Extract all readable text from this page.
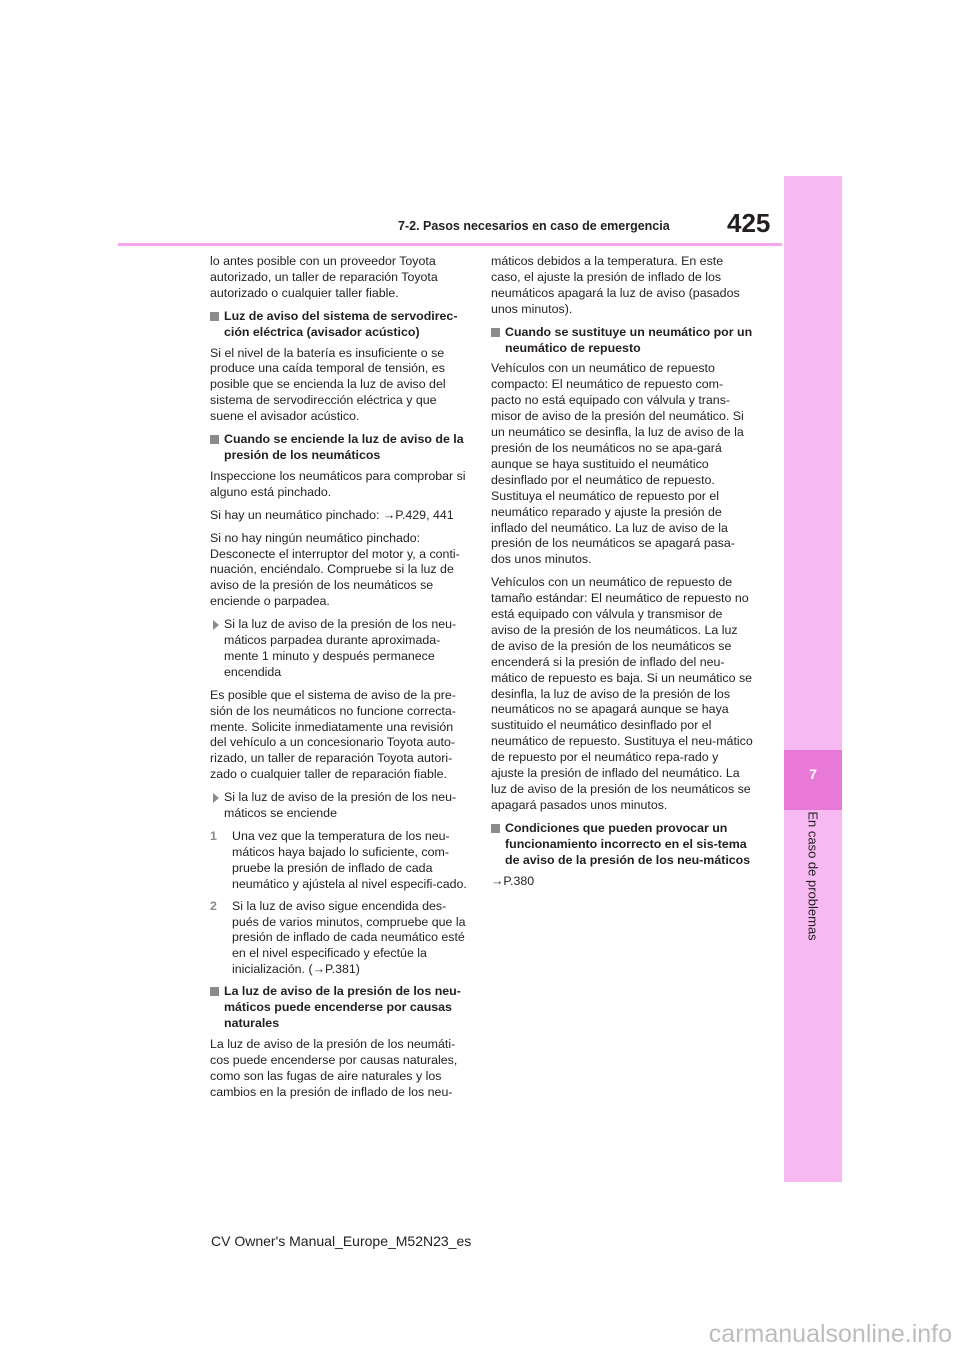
7
En caso de problemas
7-2. Pasos necesarios en caso de emergencia 425

lo antes posible con un proveedor Toyota autorizado, un taller de reparación Toyota autorizado o cualquier taller fiable.

Luz de aviso del sistema de servodirec-ción eléctrica (avisador acústico)

Si el nivel de la batería es insuficiente o se produce una caída temporal de tensión, es posible que se encienda la luz de aviso del sistema de servodirección eléctrica y que suene el avisador acústico.

Cuando se enciende la luz de aviso de la presión de los neumáticos

Inspeccione los neumáticos para comprobar si alguno está pinchado.

Si hay un neumático pinchado: →P.429, 441

Si no hay ningún neumático pinchado: Desconecte el interruptor del motor y, a conti-nuación, enciéndalo. Compruebe si la luz de aviso de la presión de los neumáticos se enciende o parpadea.

Si la luz de aviso de la presión de los neu-máticos parpadea durante aproximada-mente 1 minuto y después permanece encendida

Es posible que el sistema de aviso de la pre-sión de los neumáticos no funcione correcta-mente. Solicite inmediatamente una revisión del vehículo a un concesionario Toyota auto-rizado, un taller de reparación Toyota autori-zado o cualquier taller de reparación fiable.

Si la luz de aviso de la presión de los neu-máticos se enciende
1 Una vez que la temperatura de los neu-máticos haya bajado lo suficiente, com-pruebe la presión de inflado de cada neumático y ajústela al nivel especifi-cado.
2 Si la luz de aviso sigue encendida des-pués de varios minutos, compruebe que la presión de inflado de cada neumático esté en el nivel especificado y efectúe la inicialización. (→P.381)
La luz de aviso de la presión de los neu-máticos puede encenderse por causas naturales

La luz de aviso de la presión de los neumáti-cos puede encenderse por causas naturales, como son las fugas de aire naturales y los cambios en la presión de inflado de los neu-

máticos debidos a la temperatura. En este caso, el ajuste la presión de inflado de los neumáticos apagará la luz de aviso (pasados unos minutos).

Cuando se sustituye un neumático por un neumático de repuesto

Vehículos con un neumático de repuesto compacto: El neumático de repuesto com-pacto no está equipado con válvula y trans-misor de aviso de la presión del neumático. Si un neumático se desinfla, la luz de aviso de la presión de los neumáticos no se apa-gará aunque se haya sustituido el neumático desinflado por el neumático de repuesto. Sustituya el neumático de repuesto por el neumático reparado y ajuste la presión de inflado del neumático. La luz de aviso de la presión de los neumáticos se apagará pasa-dos unos minutos.

Vehículos con un neumático de repuesto de tamaño estándar: El neumático de repuesto no está equipado con válvula y transmisor de aviso de la presión de los neumáticos. La luz de aviso de la presión de los neumáticos se encenderá si la presión de inflado del neu-mático de repuesto es baja. Si un neumático se desinfla, la luz de aviso de la presión de los neumáticos no se apagará aunque se haya sustituido el neumático desinflado por el neumático de repuesto. Sustituya el neu-mático de repuesto por el neumático repa-rado y ajuste la presión de inflado del neumático. La luz de aviso de la presión de los neumáticos se apagará pasados unos minutos.

Condiciones que pueden provocar un funcionamiento incorrecto en el sis-tema de aviso de la presión de los neu-máticos

→P.380

CV Owner's Manual_Europe_M52N23_es
carmanualsonline.info
